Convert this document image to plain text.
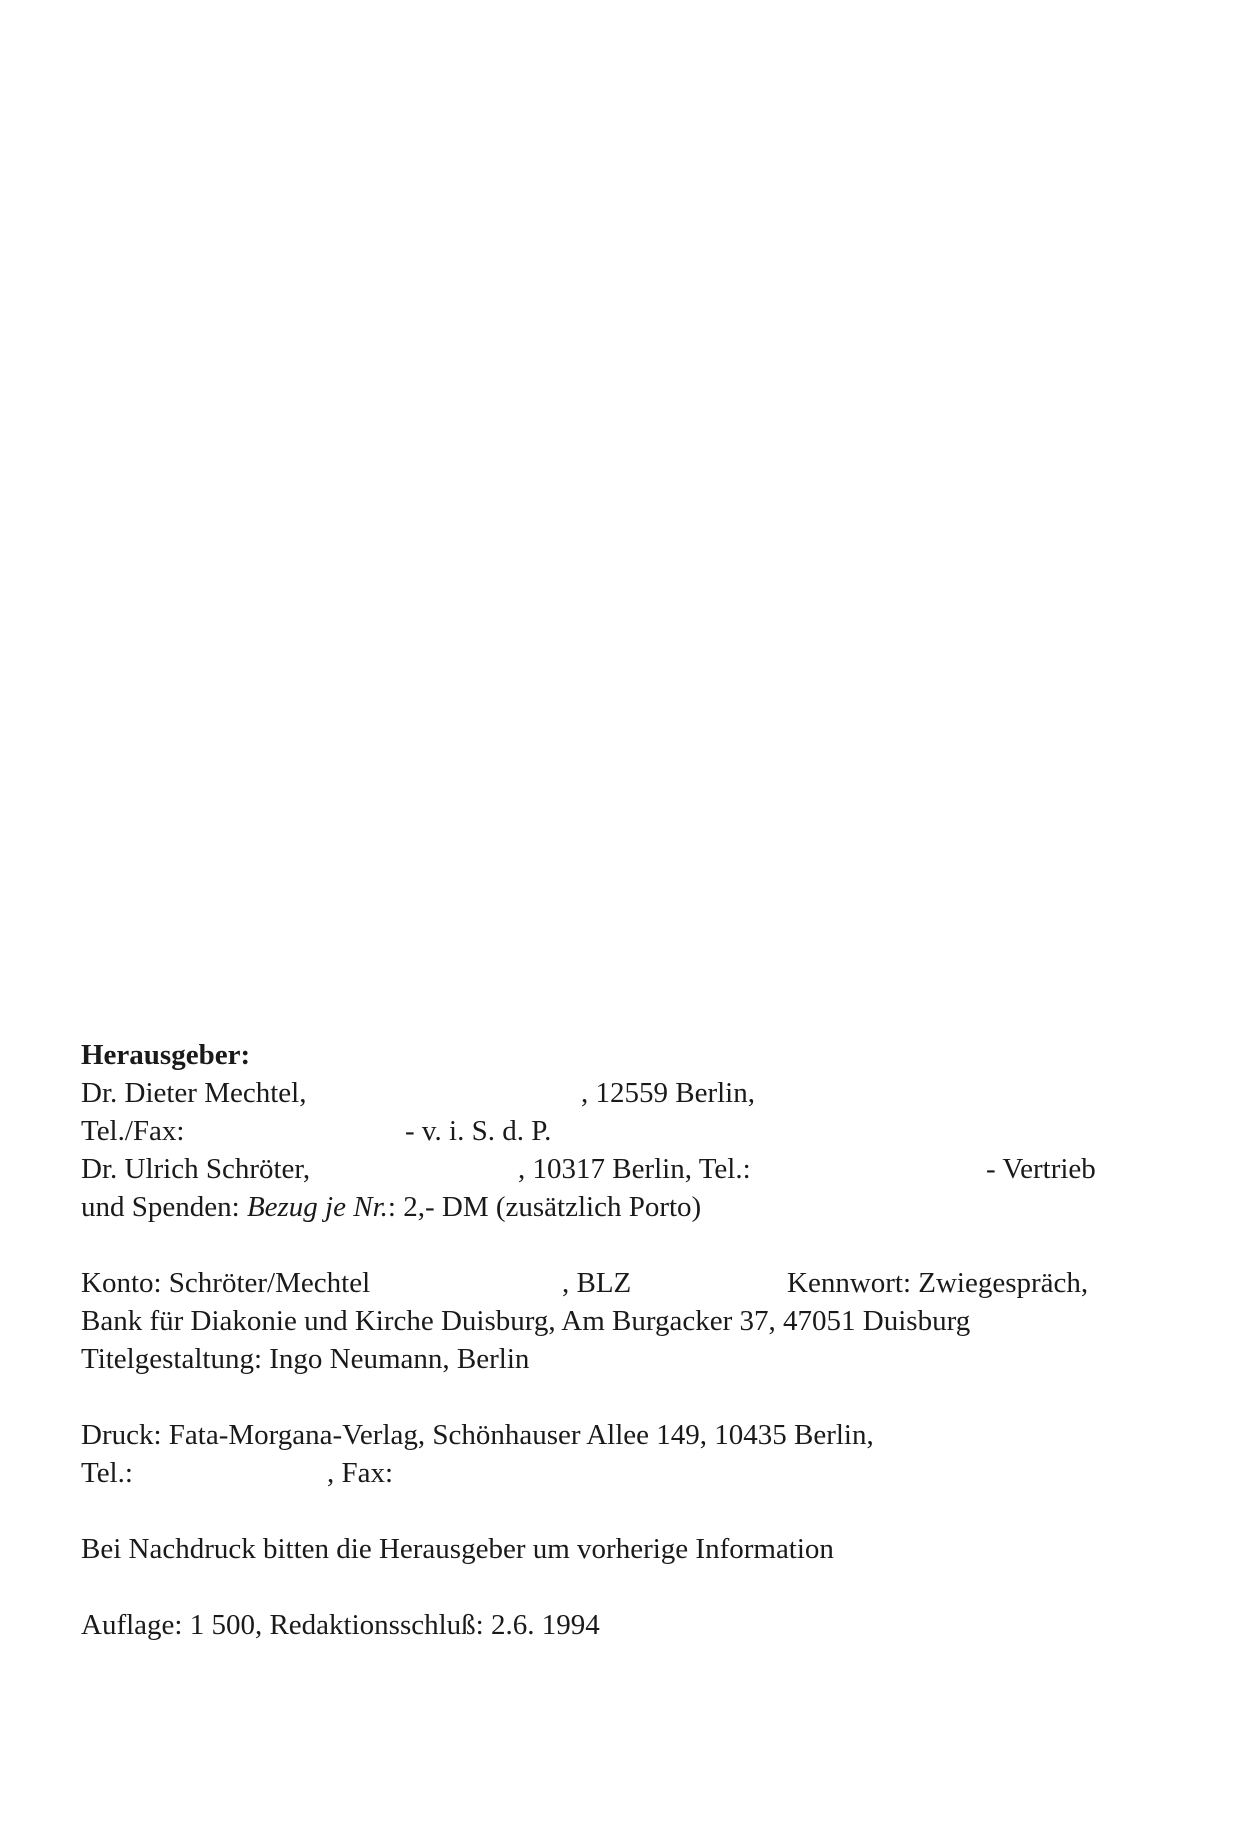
Herausgeber:
Dr. Dieter Mechtel,	, 12559 Berlin,
Tel./Fax:	- v. i. S. d. P.
Dr. Ulrich Schröter,	, 10317 Berlin, Tel.:	- Vertrieb
und Spenden: Bezug je Nr.: 2,- DM (zusätzlich Porto)
Konto: Schröter/Mechtel	, BLZ	Kennwort: Zwiegespräch,
Bank für Diakonie und Kirche Duisburg, Am Burgacker 37, 47051 Duisburg
Titelgestaltung: Ingo Neumann, Berlin
Druck: Fata-Morgana-Verlag, Schönhauser Allee 149, 10435 Berlin,
Tel.:	, Fax:
Bei Nachdruck bitten die Herausgeber um vorherige Information
Auflage: 1 500, Redaktionsschluß: 2.6. 1994
